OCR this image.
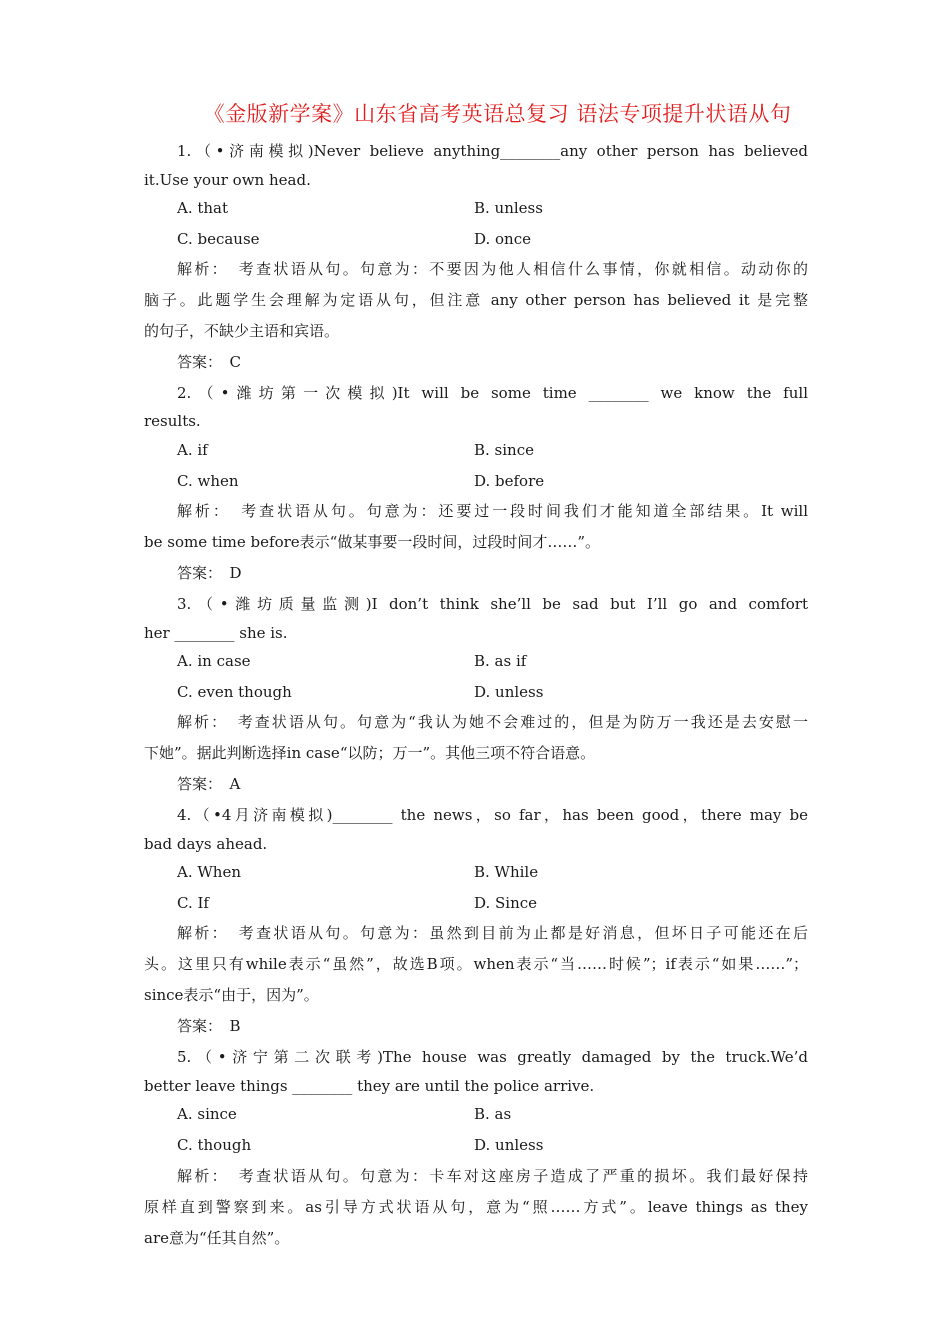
《金版新学案》山东省高考英语总复习 语法专项提升状语从句
1.（•济南模拟)Never believe anything________any other person has believed
it.Use your own head.
A. that	B. unless
C. because	D. once
解析：　考查状语从句。句意为：不要因为他人相信什么事情，你就相信。动动你的
脑子。此题学生会理解为定语从句，但注意 any other person has believed it 是完整
的句子，不缺少主语和宾语。
答案：　C
2.（•潍坊第一次模拟)It will be some time ________ we know the full
results.
A. if	B. since
C. when	D. before
解析：　考查状语从句。句意为：还要过一段时间我们才能知道全部结果。It will
be some time before表示“做某事要一段时间，过段时间才……”。
答案：　D
3.（•潍坊质量监测)I don’t think she’ll be sad but I’ll go and comfort
her ________ she is.
A. in case	B. as if
C. even though	D. unless
解析：　考查状语从句。句意为“我认为她不会难过的，但是为防万一我还是去安慰一
下她”。据此判断选择in case“以防；万一”。其他三项不符合语意。
答案：　A
4.（•4月济南模拟)________ the news，so far，has been good，there may be
bad days ahead.
A. When	B. While
C. If	D. Since
解析：　考查状语从句。句意为：虽然到目前为止都是好消息，但坏日子可能还在后
头。这里只有while表示“虽然”，故选B项。when表示“当……时候”；if表示“如果……”；
since表示“由于，因为”。
答案：　B
5.（•济宁第二次联考)The house was greatly damaged by the truck.We’d
better leave things ________ they are until the police arrive.
A. since	B. as
C. though	D. unless
解析：　考查状语从句。句意为：卡车对这座房子造成了严重的损坏。我们最好保持
原样直到警察到来。as引导方式状语从句，意为“照……方式”。leave things as they
are意为“任其自然”。
